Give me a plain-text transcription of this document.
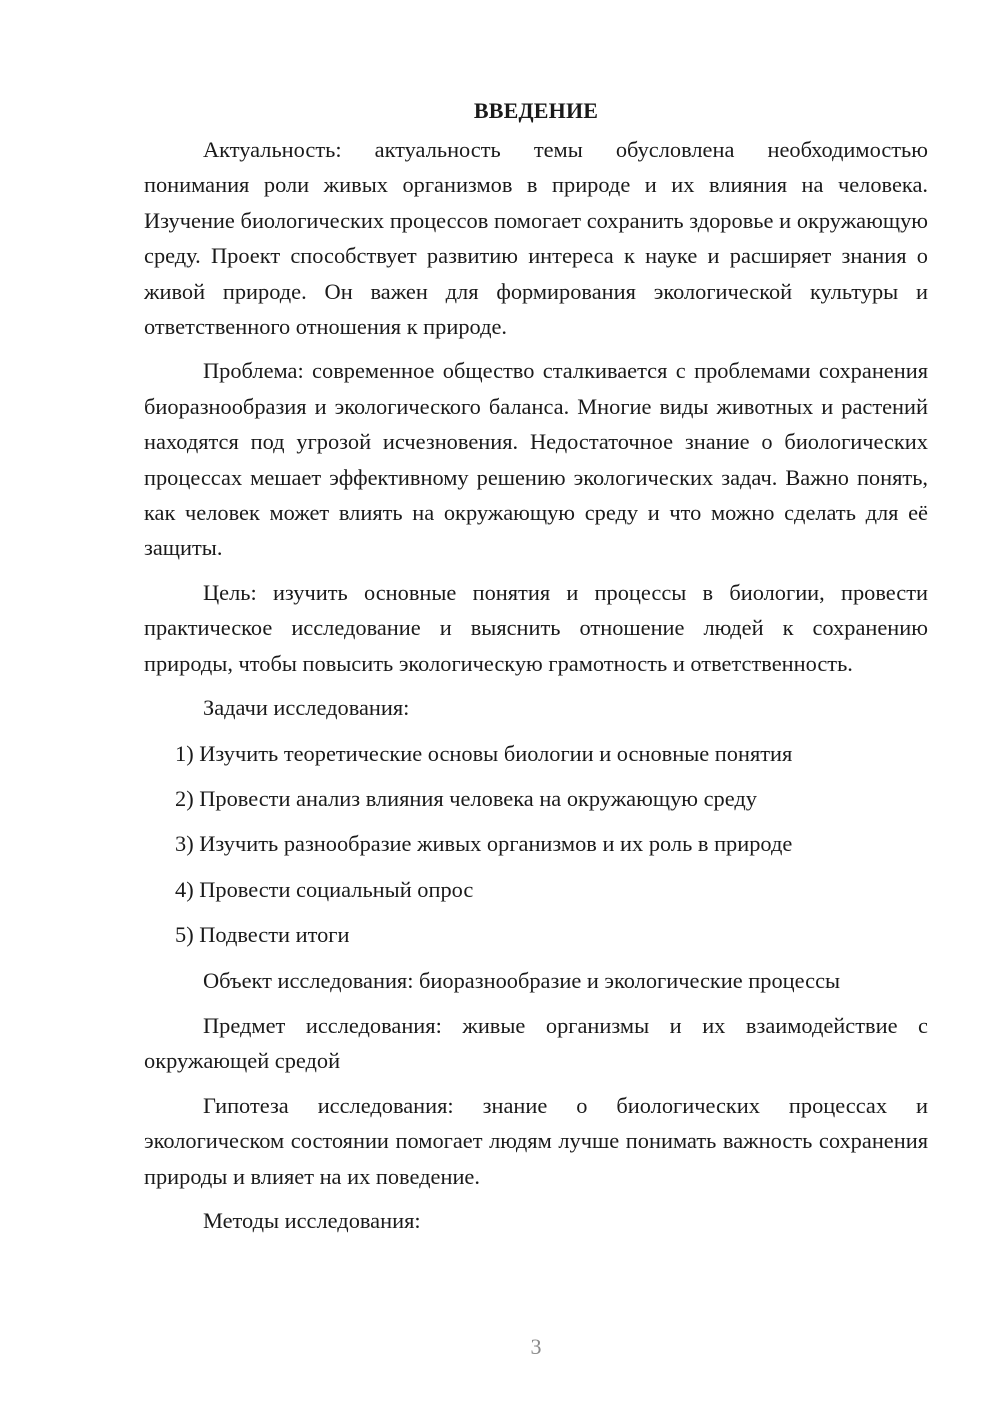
ВВЕДЕНИЕ

Актуальность: актуальность темы обусловлена необходимостью понимания роли живых организмов в природе и их влияния на человека. Изучение биологических процессов помогает сохранить здоровье и окружающую среду. Проект способствует развитию интереса к науке и расширяет знания о живой природе. Он важен для формирования экологической культуры и ответственного отношения к природе.

Проблема: современное общество сталкивается с проблемами сохранения биоразнообразия и экологического баланса. Многие виды животных и растений находятся под угрозой исчезновения. Недостаточное знание о биологических процессах мешает эффективному решению экологических задач. Важно понять, как человек может влиять на окружающую среду и что можно сделать для её защиты.

Цель: изучить основные понятия и процессы в биологии, провести практическое исследование и выяснить отношение людей к сохранению природы, чтобы повысить экологическую грамотность и ответственность.

Задачи исследования:

1) Изучить теоретические основы биологии и основные понятия
2) Провести анализ влияния человека на окружающую среду
3) Изучить разнообразие живых организмов и их роль в природе
4) Провести социальный опрос
5) Подвести итоги

Объект исследования: биоразнообразие и экологические процессы

Предмет исследования: живые организмы и их взаимодействие с окружающей средой

Гипотеза исследования: знание о биологических процессах и экологическом состоянии помогает людям лучше понимать важность сохранения природы и влияет на их поведение.

Методы исследования:

3
